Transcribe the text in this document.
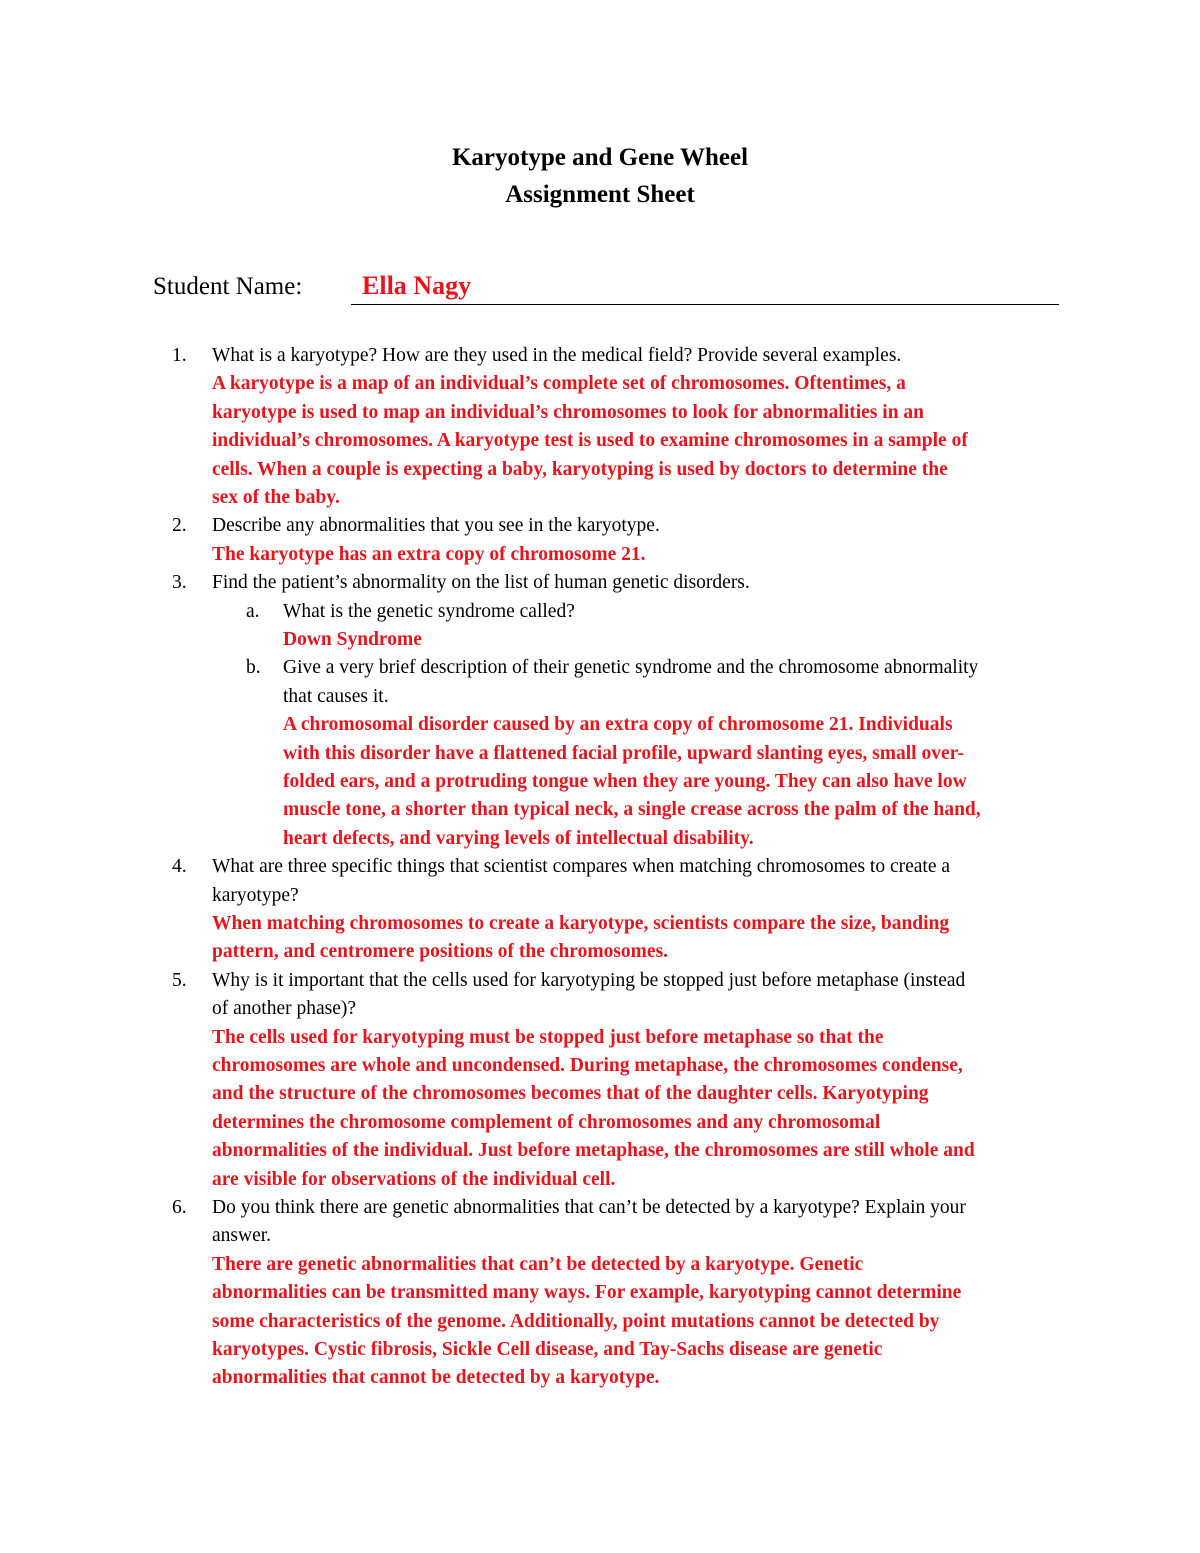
Karyotype and Gene Wheel
Assignment Sheet
Student Name: Ella Nagy
1. What is a karyotype? How are they used in the medical field? Provide several examples.
A karyotype is a map of an individual’s complete set of chromosomes. Oftentimes, a
karyotype is used to map an individual’s chromosomes to look for abnormalities in an
individual’s chromosomes. A karyotype test is used to examine chromosomes in a sample of
cells. When a couple is expecting a baby, karyotyping is used by doctors to determine the
sex of the baby.
2. Describe any abnormalities that you see in the karyotype.
The karyotype has an extra copy of chromosome 21.
3. Find the patient’s abnormality on the list of human genetic disorders.
a. What is the genetic syndrome called?
Down Syndrome
b. Give a very brief description of their genetic syndrome and the chromosome abnormality
that causes it.
A chromosomal disorder caused by an extra copy of chromosome 21. Individuals
with this disorder have a flattened facial profile, upward slanting eyes, small over-
folded ears, and a protruding tongue when they are young. They can also have low
muscle tone, a shorter than typical neck, a single crease across the palm of the hand,
heart defects, and varying levels of intellectual disability.
4. What are three specific things that scientist compares when matching chromosomes to create a
karyotype?
When matching chromosomes to create a karyotype, scientists compare the size, banding
pattern, and centromere positions of the chromosomes.
5. Why is it important that the cells used for karyotyping be stopped just before metaphase (instead
of another phase)?
The cells used for karyotyping must be stopped just before metaphase so that the
chromosomes are whole and uncondensed. During metaphase, the chromosomes condense,
and the structure of the chromosomes becomes that of the daughter cells. Karyotyping
determines the chromosome complement of chromosomes and any chromosomal
abnormalities of the individual. Just before metaphase, the chromosomes are still whole and
are visible for observations of the individual cell.
6. Do you think there are genetic abnormalities that can’t be detected by a karyotype? Explain your
answer.
There are genetic abnormalities that can’t be detected by a karyotype. Genetic
abnormalities can be transmitted many ways. For example, karyotyping cannot determine
some characteristics of the genome. Additionally, point mutations cannot be detected by
karyotypes. Cystic fibrosis, Sickle Cell disease, and Tay-Sachs disease are genetic
abnormalities that cannot be detected by a karyotype.
